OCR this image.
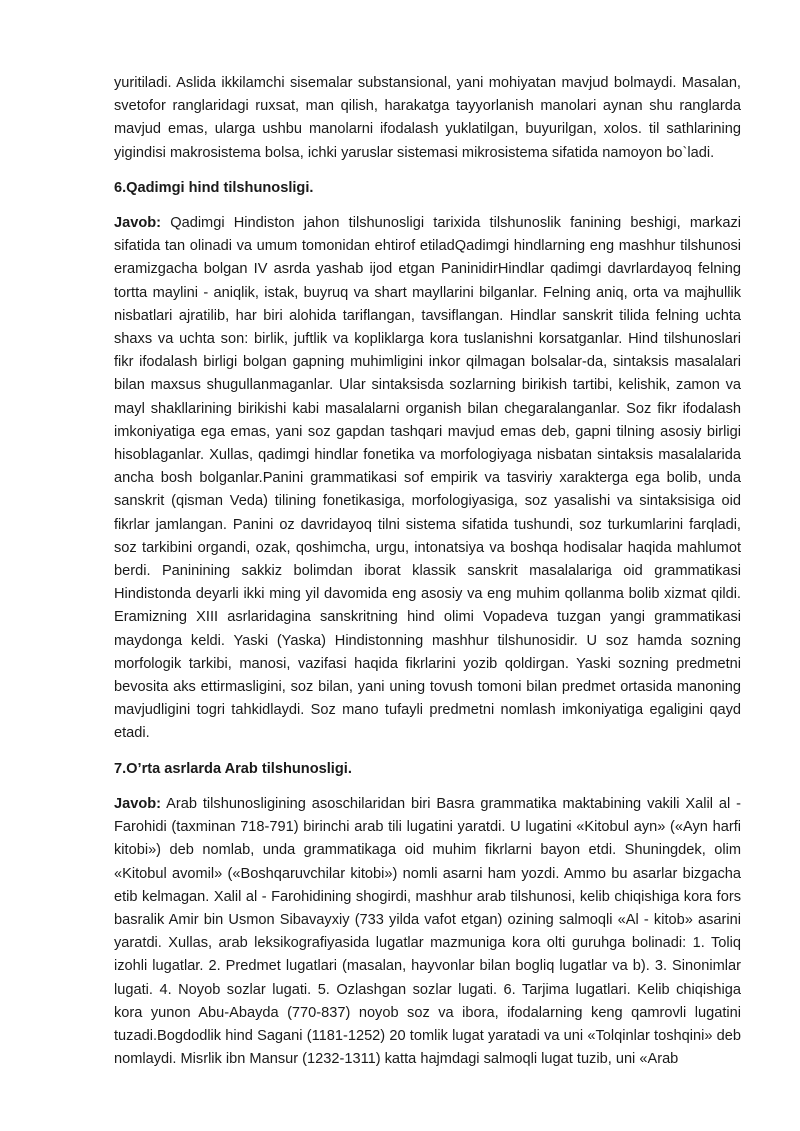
yuritiladi. Aslida ikkilamchi sisemalar substansional, yani mohiyatan mavjud bolmaydi. Masalan, svetofor ranglaridagi ruxsat, man qilish, harakatga tayyorlanish manolari aynan shu ranglarda mavjud emas, ularga ushbu manolarni ifodalash yuklatilgan, buyurilgan, xolos. til sathlarining yigindisi makrosistema bolsa, ichki yaruslar sistemasi mikrosistema sifatida namoyon bo`ladi.

6.Qadimgi hind tilshunosligi.

Javob: Qadimgi Hindiston jahon tilshunosligi tarixida tilshunoslik fanining beshigi, markazi sifatida tan olinadi va umum tomonidan ehtirof etiladQadimgi hindlarning eng mashhur tilshunosi eramizgacha bolgan IV asrda yashab ijod etgan PaninidirHindlar qadimgi davrlardayoq felning tortta maylini - aniqlik, istak, buyruq va shart mayllarini bilganlar. Felning aniq, orta va majhullik nisbatlari ajratilib, har biri alohida tariflangan, tavsiflangan. Hindlar sanskrit tilida felning uchta shaxs va uchta son: birlik, juftlik va kopliklarga kora tuslanishni korsatganlar. Hind tilshunoslari fikr ifodalash birligi bolgan gapning muhimligini inkor qilmagan bolsalar-da, sintaksis masalalari bilan maxsus shugullanmaganlar. Ular sintaksisda sozlarning birikish tartibi, kelishik, zamon va mayl shakllarining birikishi kabi masalalarni organish bilan chegaralanganlar. Soz fikr ifodalash imkoniyatiga ega emas, yani soz gapdan tashqari mavjud emas deb, gapni tilning asosiy birligi hisoblaganlar. Xullas, qadimgi hindlar fonetika va morfologiyaga nisbatan sintaksis masalalarida ancha bosh bolganlar.Panini grammatikasi sof empirik va tasviriy xarakterga ega bolib, unda sanskrit (qisman Veda) tilining fonetikasiga, morfologiyasiga, soz yasalishi va sintaksisiga oid fikrlar jamlangan. Panini oz davridayoq tilni sistema sifatida tushundi, soz turkumlarini farqladi, soz tarkibini organdi, ozak, qoshimcha, urgu, intonatsiya va boshqa hodisalar haqida mahlumot berdi. Paninining sakkiz bolimdan iborat klassik sanskrit masalalariga oid grammatikasi Hindistonda deyarli ikki ming yil davomida eng asosiy va eng muhim qollanma bolib xizmat qildi. Eramizning XIII asrlaridagina sanskritning hind olimi Vopadeva tuzgan yangi grammatikasi maydonga keldi. Yaski (Yaska) Hindistonning mashhur tilshunosidir. U soz hamda sozning morfologik tarkibi, manosi, vazifasi haqida fikrlarini yozib qoldirgan. Yaski sozning predmetni bevosita aks ettirmasligini, soz bilan, yani uning tovush tomoni bilan predmet ortasida manoning mavjudligini togri tahkidlaydi. Soz mano tufayli predmetni nomlash imkoniyatiga egaligini qayd etadi.

7.O’rta asrlarda Arab tilshunosligi.

Javob: Arab tilshunosligining asoschilaridan biri Basra grammatika maktabining vakili Xalil al - Farohidi (taxminan 718-791) birinchi arab tili lugatini yaratdi. U lugatini «Kitobul ayn» («Ayn harfi kitobi») deb nomlab, unda grammatikaga oid muhim fikrlarni bayon etdi. Shuningdek, olim «Kitobul avomil» («Boshqaruvchilar kitobi») nomli asarni ham yozdi. Ammo bu asarlar bizgacha etib kelmagan. Xalil al - Farohidining shogirdi, mashhur arab tilshunosi, kelib chiqishiga kora fors basralik Amir bin Usmon Sibavayxiy (733 yilda vafot etgan) ozining salmoqli «Al - kitob» asarini yaratdi. Xullas, arab leksikografiyasida lugatlar mazmuniga kora olti guruhga bolinadi: 1. Toliq izohli lugatlar. 2. Predmet lugatlari (masalan, hayvonlar bilan bogliq lugatlar va b). 3. Sinonimlar lugati. 4. Noyob sozlar lugati. 5. Ozlashgan sozlar lugati. 6. Tarjima lugatlari. Kelib chiqishiga kora yunon Abu-Abayda (770-837) noyob soz va ibora, ifodalarning keng qamrovli lugatini tuzadi.Bogdodlik hind Sagani (1181-1252) 20 tomlik lugat yaratadi va uni «Tolqinlar toshqini» deb nomlaydi. Misrlik ibn Mansur (1232-1311) katta hajmdagi salmoqli lugat tuzib, uni «Arab
